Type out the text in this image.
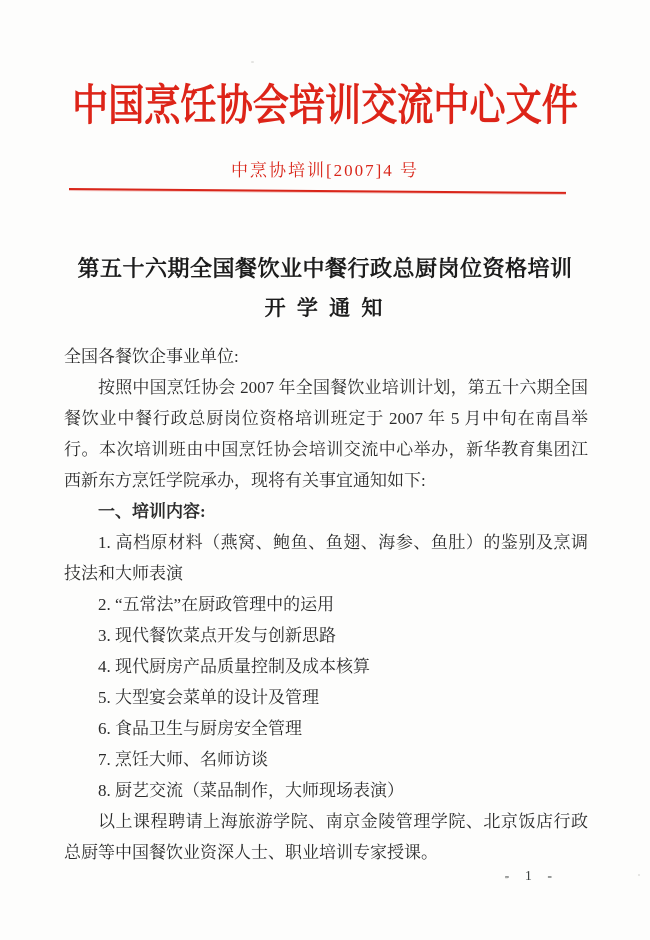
中国烹饪协会培训交流中心文件
中烹协培训[2007]4 号
第五十六期全国餐饮业中餐行政总厨岗位资格培训
开 学 通 知

全国各餐饮企事业单位:

按照中国烹饪协会 2007 年全国餐饮业培训计划，第五十六期全国餐饮业中餐行政总厨岗位资格培训班定于 2007 年 5 月中旬在南昌举行。本次培训班由中国烹饪协会培训交流中心举办，新华教育集团江西新东方烹饪学院承办，现将有关事宜通知如下:

一、培训内容:

1. 高档原材料（燕窝、鲍鱼、鱼翅、海参、鱼肚）的鉴别及烹调技法和大师表演

2. “五常法”在厨政管理中的运用

3. 现代餐饮菜点开发与创新思路

4. 现代厨房产品质量控制及成本核算

5. 大型宴会菜单的设计及管理

6. 食品卫生与厨房安全管理

7. 烹饪大师、名师访谈

8. 厨艺交流（菜品制作，大师现场表演）

以上课程聘请上海旅游学院、南京金陵管理学院、北京饭店行政总厨等中国餐饮业资深人士、职业培训专家授课。

- 1 -
